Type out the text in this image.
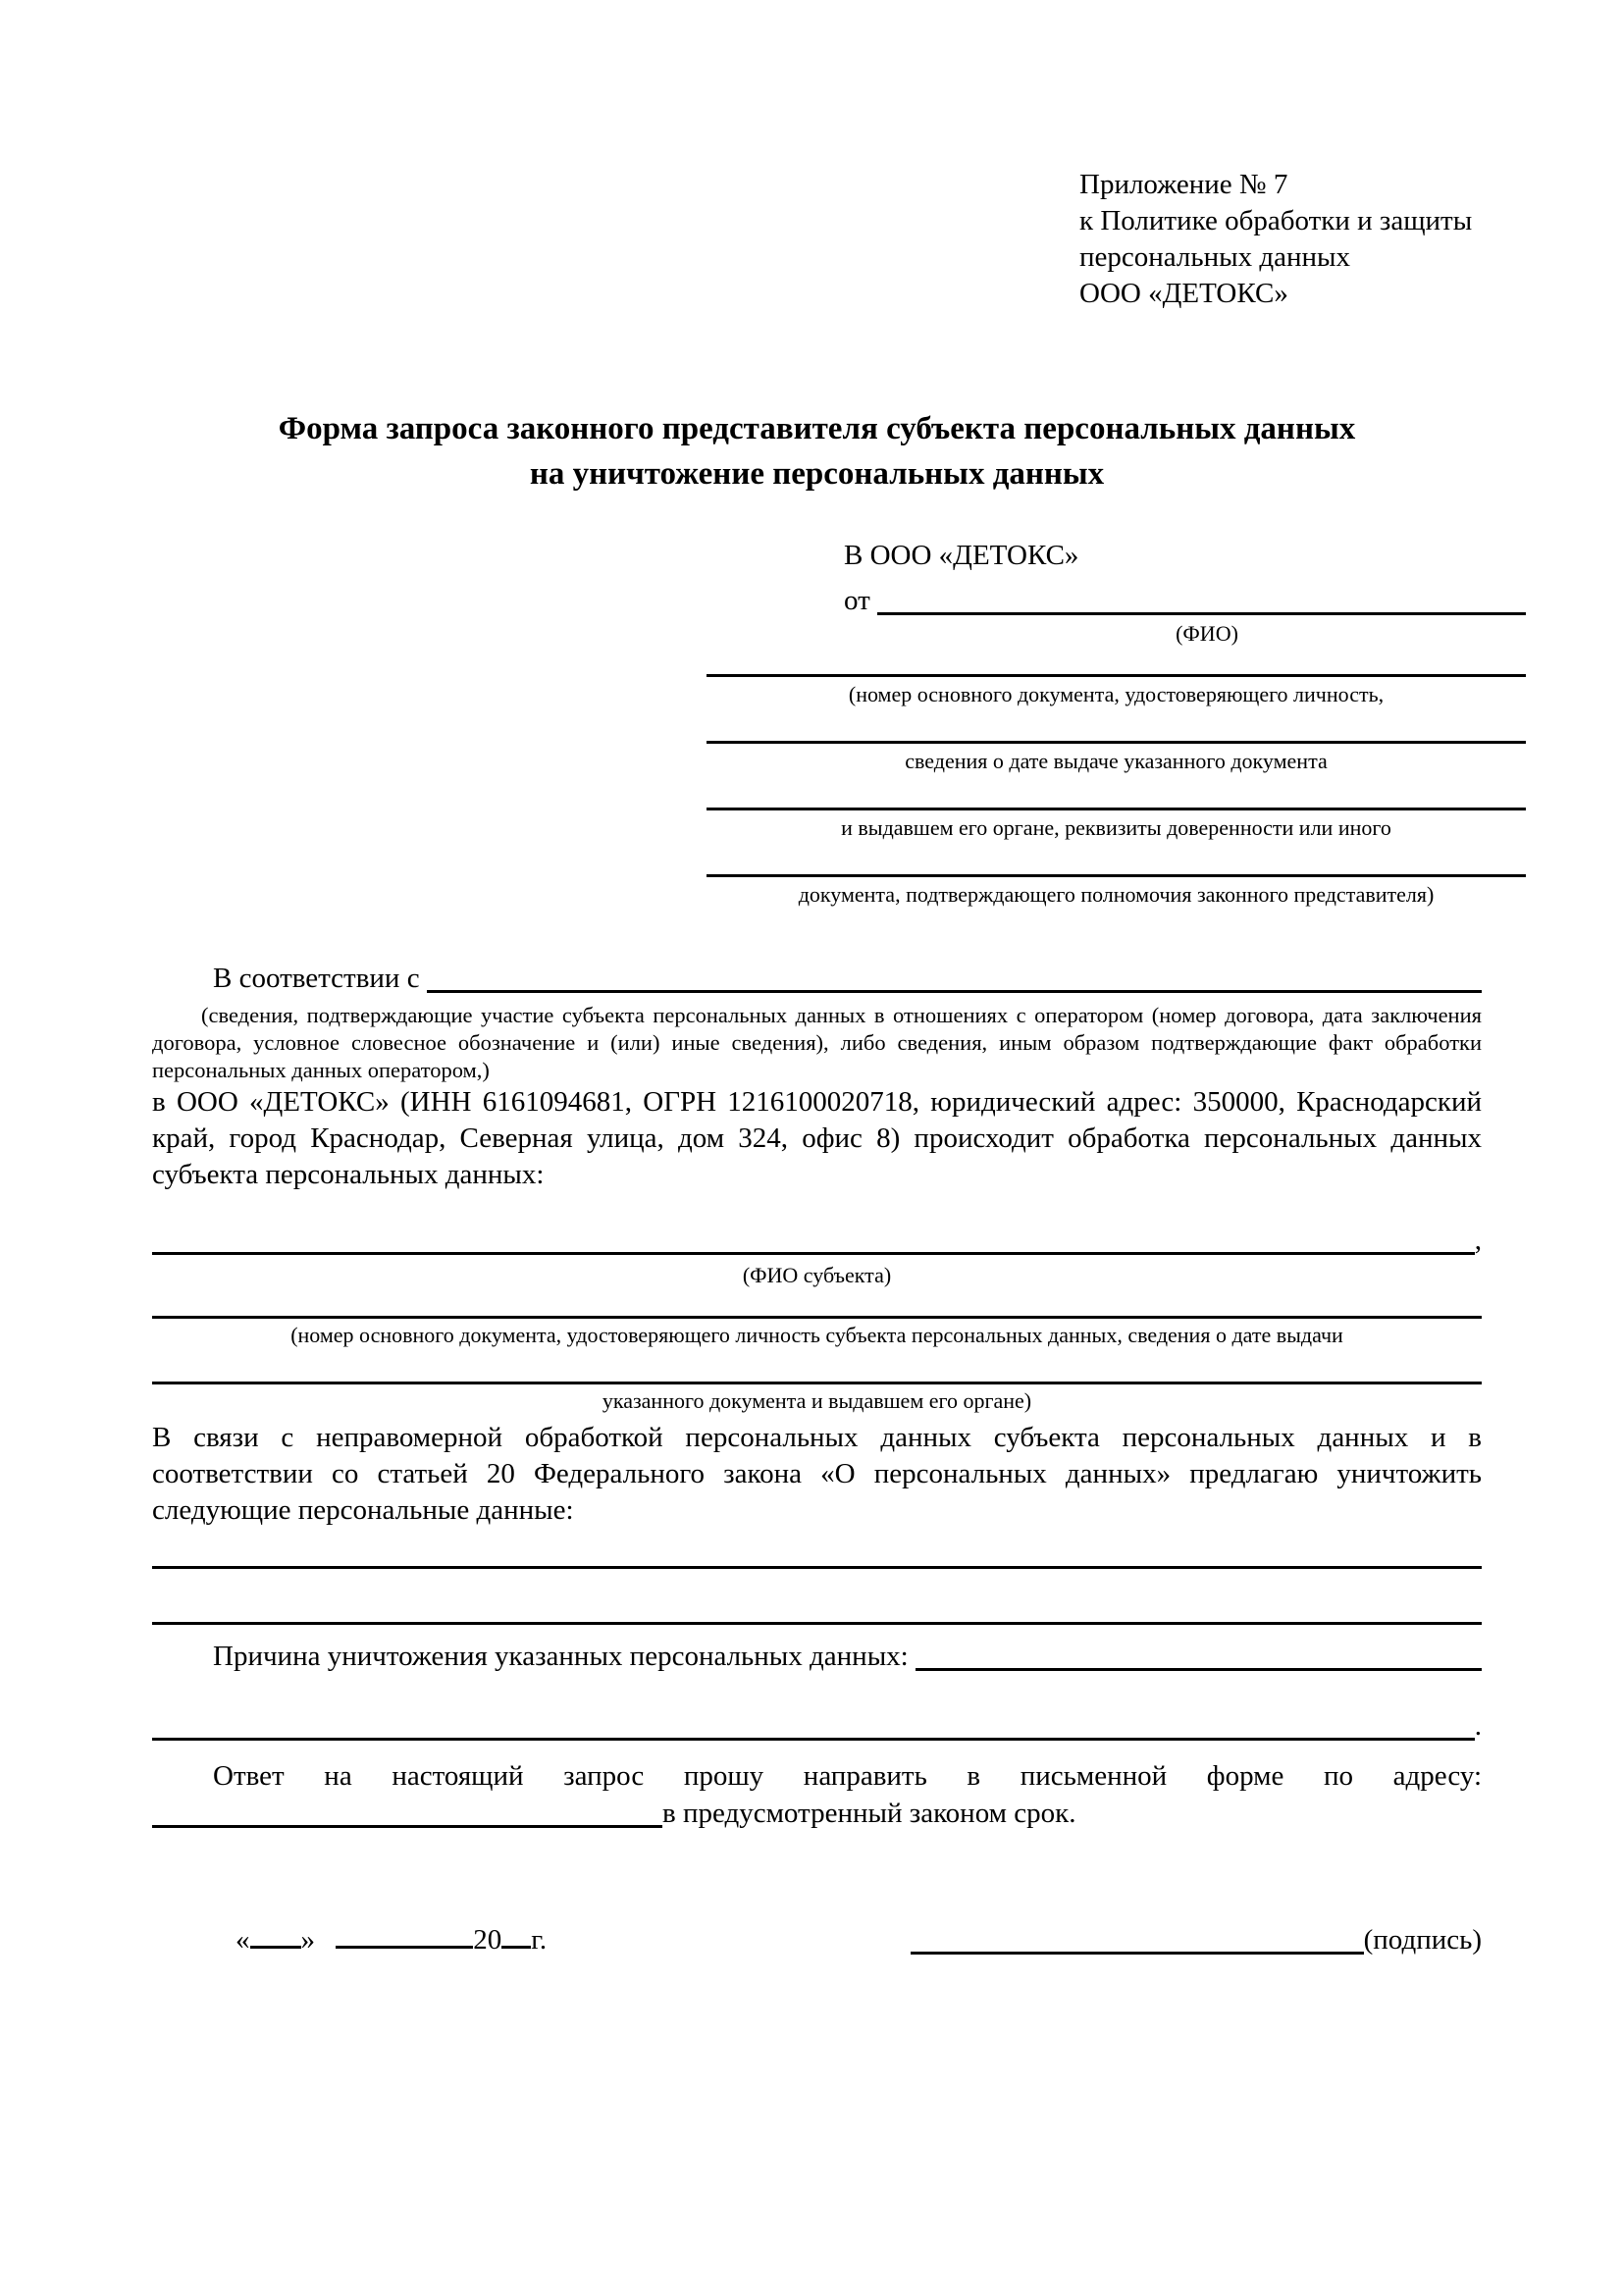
Приложение № 7
к Политике обработки и защиты
персональных данных
ООО «ДЕТОКС»
Форма запроса законного представителя субъекта персональных данных
на уничтожение персональных данных
В ООО «ДЕТОКС»
от
(ФИО)
(номер основного документа, удостоверяющего личность,
сведения о дате выдаче указанного документа
и выдавшем его органе, реквизиты доверенности или иного
документа, подтверждающего полномочия законного представителя)
В соответствии с
(сведения, подтверждающие участие субъекта персональных данных в отношениях с оператором (номер договора, дата заключения договора, условное словесное обозначение и (или) иные сведения), либо сведения, иным образом подтверждающие факт обработки персональных данных оператором,)
в ООО «ДЕТОКС» (ИНН 6161094681, ОГРН 1216100020718, юридический адрес: 350000, Краснодарский край, город Краснодар, Северная улица, дом 324, офис 8) происходит обработка персональных данных субъекта персональных данных:
,
(ФИО субъекта)
(номер основного документа, удостоверяющего личность субъекта персональных данных, сведения о дате выдачи
указанного документа и выдавшем его органе)
В связи с неправомерной обработкой персональных данных субъекта персональных данных и в соответствии со статьей 20 Федерального закона «О персональных данных» предлагаю уничтожить следующие персональные данные:
Причина уничтожения указанных персональных данных:
.
Ответ на настоящий запрос прошу направить в письменной форме по адресу:
в предусмотренный законом срок.
« »	20 г.	(подпись)
